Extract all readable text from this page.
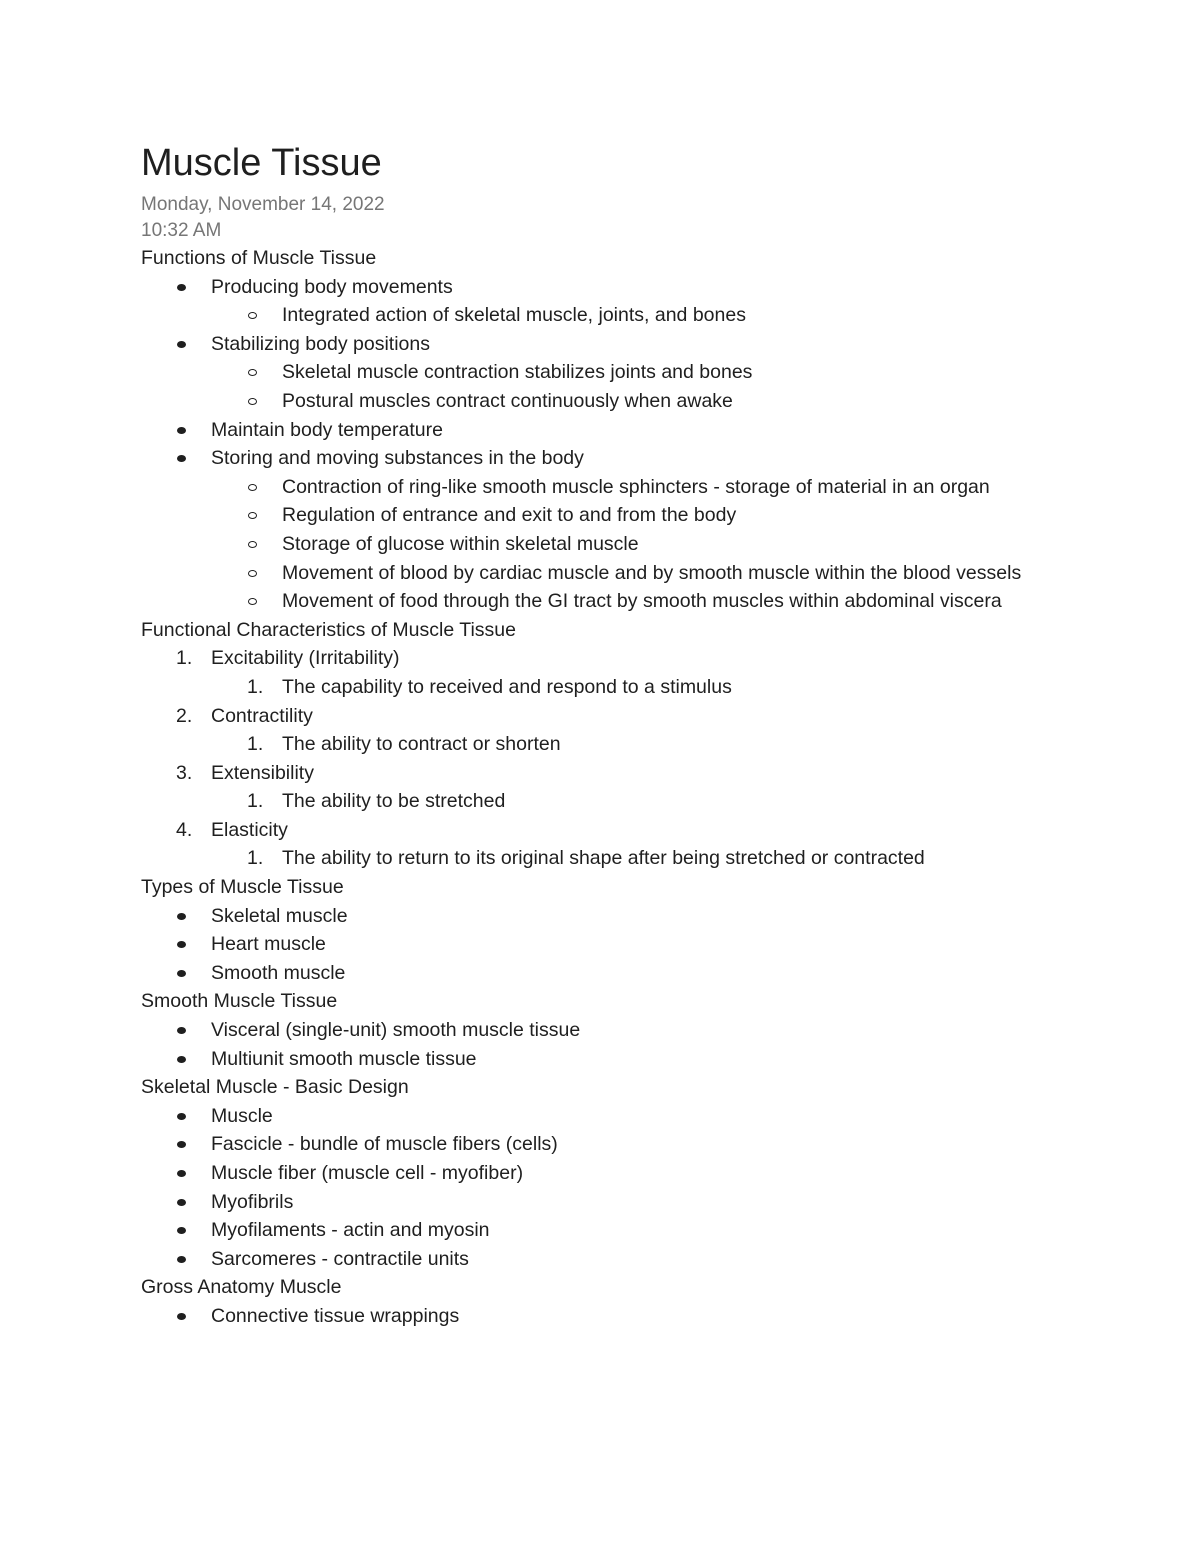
Muscle Tissue
Monday, November 14, 2022
10:32 AM
Functions of Muscle Tissue
Producing body movements
Integrated action of skeletal muscle, joints, and bones
Stabilizing body positions
Skeletal muscle contraction stabilizes joints and bones
Postural muscles contract continuously when awake
Maintain body temperature
Storing and moving substances in the body
Contraction of ring-like smooth muscle sphincters - storage of material in an organ
Regulation of entrance and exit to and from the body
Storage of glucose within skeletal muscle
Movement of blood by cardiac muscle and by smooth muscle within the blood vessels
Movement of food through the GI tract by smooth muscles within abdominal viscera
Functional Characteristics of Muscle Tissue
1. Excitability (Irritability)
1. The capability to received and respond to a stimulus
2. Contractility
1. The ability to contract or shorten
3. Extensibility
1. The ability to be stretched
4. Elasticity
1. The ability to return to its original shape after being stretched or contracted
Types of Muscle Tissue
Skeletal muscle
Heart muscle
Smooth muscle
Smooth Muscle Tissue
Visceral (single-unit) smooth muscle tissue
Multiunit smooth muscle tissue
Skeletal Muscle - Basic Design
Muscle
Fascicle - bundle of muscle fibers (cells)
Muscle fiber (muscle cell - myofiber)
Myofibrils
Myofilaments - actin and myosin
Sarcomeres - contractile units
Gross Anatomy Muscle
Connective tissue wrappings
